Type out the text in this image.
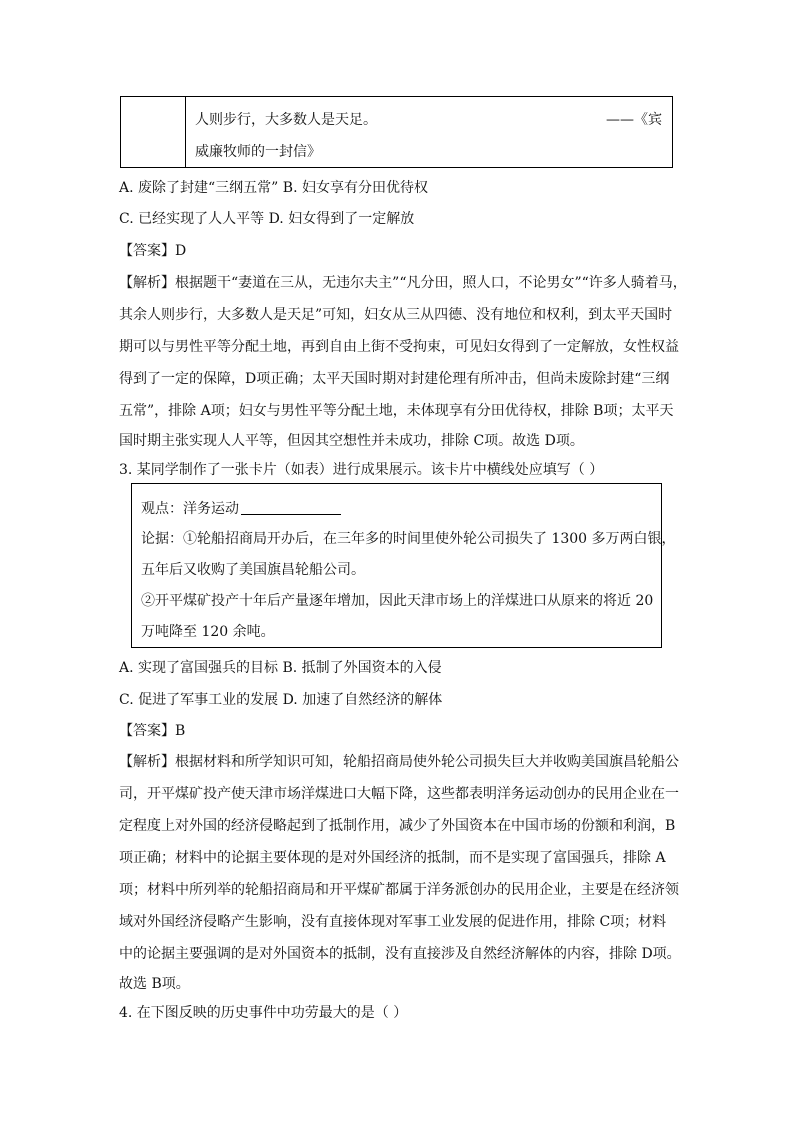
人则步行，大多数人是天足。	——《宾
威廉牧师的一封信》
A. 废除了封建“三纲五常” B. 妇女享有分田优待权
C. 已经实现了人人平等 D. 妇女得到了一定解放
【答案】D
【解析】根据题干“妻道在三从，无违尔夫主”“凡分田，照人口，不论男女”“许多人骑着马，
其余人则步行，大多数人是天足”可知，妇女从三从四德、没有地位和权利，到太平天国时
期可以与男性平等分配土地，再到自由上街不受拘束，可见妇女得到了一定解放，女性权益
得到了一定的保障，D项正确；太平天国时期对封建伦理有所冲击，但尚未废除封建“三纲
五常”，排除 A项；妇女与男性平等分配土地，未体现享有分田优待权，排除 B项；太平天
国时期主张实现人人平等，但因其空想性并未成功，排除 C项。故选 D项。
3. 某同学制作了一张卡片（如表）进行成果展示。该卡片中横线处应填写（ ）
观点：洋务运动
论据：①轮船招商局开办后，在三年多的时间里使外轮公司损失了 1300 多万两白银，
五年后又收购了美国旗昌轮船公司。
②开平煤矿投产十年后产量逐年增加，因此天津市场上的洋煤进口从原来的将近 20
万吨降至 120 余吨。
A. 实现了富国强兵的目标 B. 抵制了外国资本的入侵
C. 促进了军事工业的发展 D. 加速了自然经济的解体
【答案】B
【解析】根据材料和所学知识可知，轮船招商局使外轮公司损失巨大并收购美国旗昌轮船公
司，开平煤矿投产使天津市场洋煤进口大幅下降，这些都表明洋务运动创办的民用企业在一
定程度上对外国的经济侵略起到了抵制作用，减少了外国资本在中国市场的份额和利润，B
项正确；材料中的论据主要体现的是对外国经济的抵制，而不是实现了富国强兵，排除 A
项；材料中所列举的轮船招商局和开平煤矿都属于洋务派创办的民用企业，主要是在经济领
域对外国经济侵略产生影响，没有直接体现对军事工业发展的促进作用，排除 C项；材料
中的论据主要强调的是对外国资本的抵制，没有直接涉及自然经济解体的内容，排除 D项。
故选 B项。
4. 在下图反映的历史事件中功劳最大的是（ ）
